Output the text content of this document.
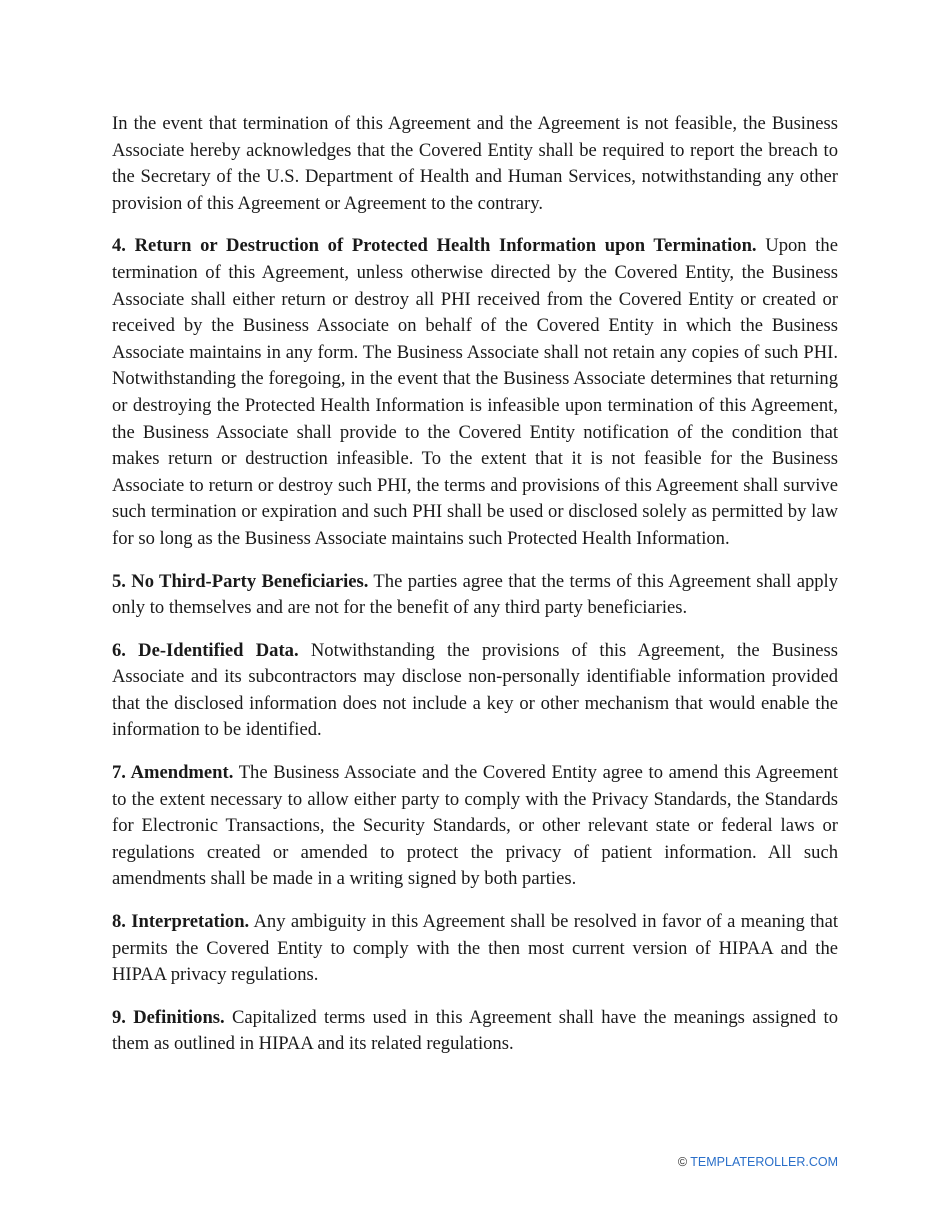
In the event that termination of this Agreement and the Agreement is not feasible, the Business Associate hereby acknowledges that the Covered Entity shall be required to report the breach to the Secretary of the U.S. Department of Health and Human Services, notwithstanding any other provision of this Agreement or Agreement to the contrary.

4. Return or Destruction of Protected Health Information upon Termination. Upon the termination of this Agreement, unless otherwise directed by the Covered Entity, the Business Associate shall either return or destroy all PHI received from the Covered Entity or created or received by the Business Associate on behalf of the Covered Entity in which the Business Associate maintains in any form. The Business Associate shall not retain any copies of such PHI. Notwithstanding the foregoing, in the event that the Business Associate determines that returning or destroying the Protected Health Information is infeasible upon termination of this Agreement, the Business Associate shall provide to the Covered Entity notification of the condition that makes return or destruction infeasible. To the extent that it is not feasible for the Business Associate to return or destroy such PHI, the terms and provisions of this Agreement shall survive such termination or expiration and such PHI shall be used or disclosed solely as permitted by law for so long as the Business Associate maintains such Protected Health Information.

5. No Third-Party Beneficiaries. The parties agree that the terms of this Agreement shall apply only to themselves and are not for the benefit of any third party beneficiaries.

6. De-Identified Data. Notwithstanding the provisions of this Agreement, the Business Associate and its subcontractors may disclose non-personally identifiable information provided that the disclosed information does not include a key or other mechanism that would enable the information to be identified.

7. Amendment. The Business Associate and the Covered Entity agree to amend this Agreement to the extent necessary to allow either party to comply with the Privacy Standards, the Standards for Electronic Transactions, the Security Standards, or other relevant state or federal laws or regulations created or amended to protect the privacy of patient information. All such amendments shall be made in a writing signed by both parties.

8. Interpretation. Any ambiguity in this Agreement shall be resolved in favor of a meaning that permits the Covered Entity to comply with the then most current version of HIPAA and the HIPAA privacy regulations.

9. Definitions. Capitalized terms used in this Agreement shall have the meanings assigned to them as outlined in HIPAA and its related regulations.

© TEMPLATEROLLER.COM
